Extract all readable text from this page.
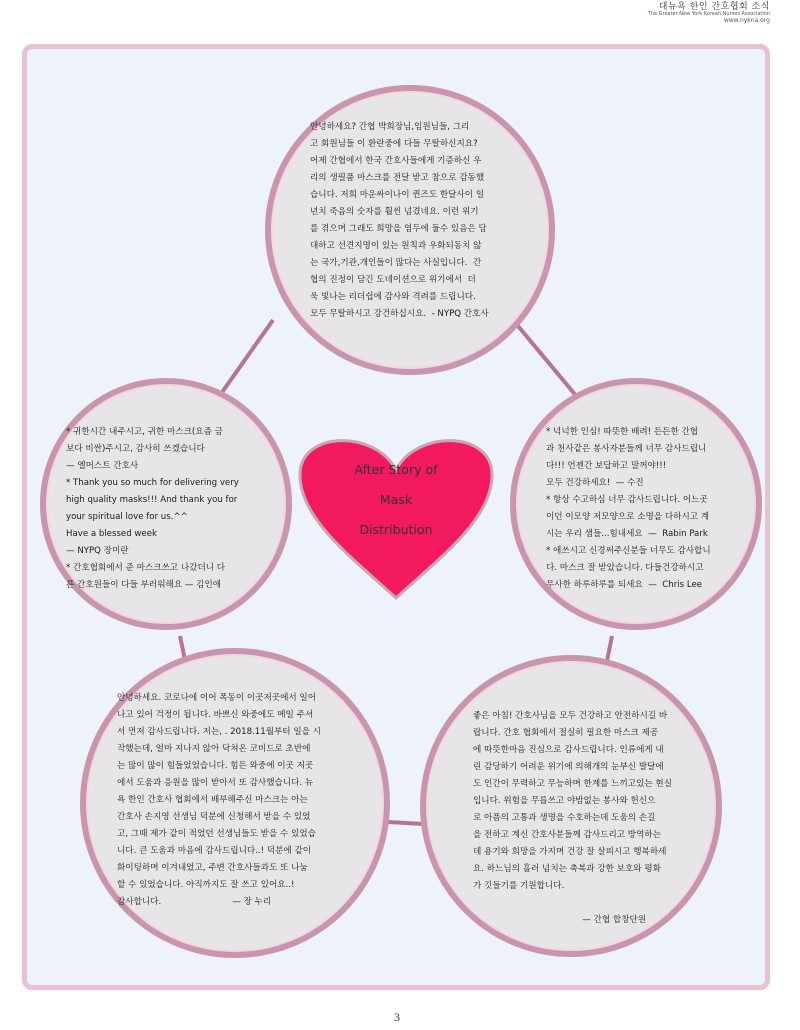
대뉴욕 한인 간호협회 소식
The Greater New York Korean Nurses Association
www.nykna.org
After Story of
Mask
Distribution
안녕하세요? 간협 박희장님,임원님들, 그리
고 회원님들 이 환란중에 다들 무탈하신지요?
어제 간협에서 한국 간호사들에게 기증하신 우
리의 생필품 마스크를 전달 받고 참으로 감동했
습니다. 저희 마운싸이나이 퀸즈도 한달사이 일
년치 죽음의 숫자를 훨씬 넘겼네요. 이런 위기
를 겪으며 그래도 희망을 염두에 둘수 있음은 담
대하고 선견지명이 있는 원칙과 우화되동치 않
는 국가,기관,개인들이 많다는 사실입니다.  간
협의 진정이 담긴 도네이션으로 위기에서  더
욱 빛나는 리더쉽에 감사와 격려를 드립니다.
모두 무탈하시고 강건하십시요.  - NYPQ 간호사
* 귀한시간 내주시고, 귀한 마스크(요즘 금
보다 비싼)주시고, 감사히 쓰겠습니다
— 엘머스트 간호사
* Thank you so much for delivering very
high quality masks!!! And thank you for
your spiritual love for us.^^
Have a blessed week
— NYPQ 장미란
* 간호협회에서 준 마스크쓰고 나갔더니 다
른 간호원들이 다들 부러워해요 — 김인애
* 넉넉한 인심! 따뜻한 배려! 든든한 간협
과 천사같은 봉사자분들께 너무 감사드립니
다!!! 언젠간 보답하고 말꺼야!!!
모두 건강하세요!  — 수진
* 항상 수고하심 너무 감사드립니다. 어느곳
이던 이모양 저모양으로 소명을 다하시고 계
시는 우리 샘들...힘내세요  —  Rabin Park
* 애쓰시고 신경써주신분들 너무도 감사합니
다. 마스크 잘 받았습니다. 다들건강하시고
무사한 하루하루를 되세요  —  Chris Lee
안녕하세요. 코로나에 이어 폭동이 이곳저곳에서 일어
나고 있어 걱정이 됩니다. 바쁘신 와중에도 메일 주셔
서 먼저 감사드립니다. 저는, . 2018.11월부터 일을 시
작했는데, 얼마 지나지 않아 닥쳐온 코비드로 초반에
는 많이 많이 힘들었었습니다. 힘든 와중에 이곳 저곳
에서 도움과 응원을 많이 받아서 또 감사했습니다. 뉴
욕 한인 간호사 협회에서 배부해주신 마스크는 아는
간호사 손지영 선생님 덕분에 신청해서 받을 수 있었
고, 그때 제가 같이 적었던 선생님들도 받을 수 있었습
니다. 큰 도움과 마음에 감사드립니다..! 덕분에 같이
화이팅하며 이겨내었고, 주변 간호사들과도 또 나눔
할 수 있었습니다. 아직까지도 잘 쓰고 있어요..!
감사합니다.                          — 장 누리
좋은 아침! 간호사님을 모두 건강하고 안전하시길 바
랍니다. 간호 협회에서 절실히 필요한 마스크 제공
에 따뜻한마음 진심으로 감사드립니다. 인류에게 내
린 감당하기 어려운 위기에 의해개의 눈부신 발달에
도 인간이 무력하고 무능하며 한계를 느끼고있는 현실
입니다. 위험을 무릅쓰고 야밤없는 봉사와 헌신으
로 아픔의 고통과 생명을 수호하는데 도움의 손길
을 전하고 계신 간호사분들께 감사드리고 방역하는
데 용기와 희망을 가지며 건강 잘 살피시고 행복하세
요. 하느님의 흘러 넘치는 축복과 강한 보호와 평화
가 깃들기를 기원합니다.

— 간협 합창단원
3
